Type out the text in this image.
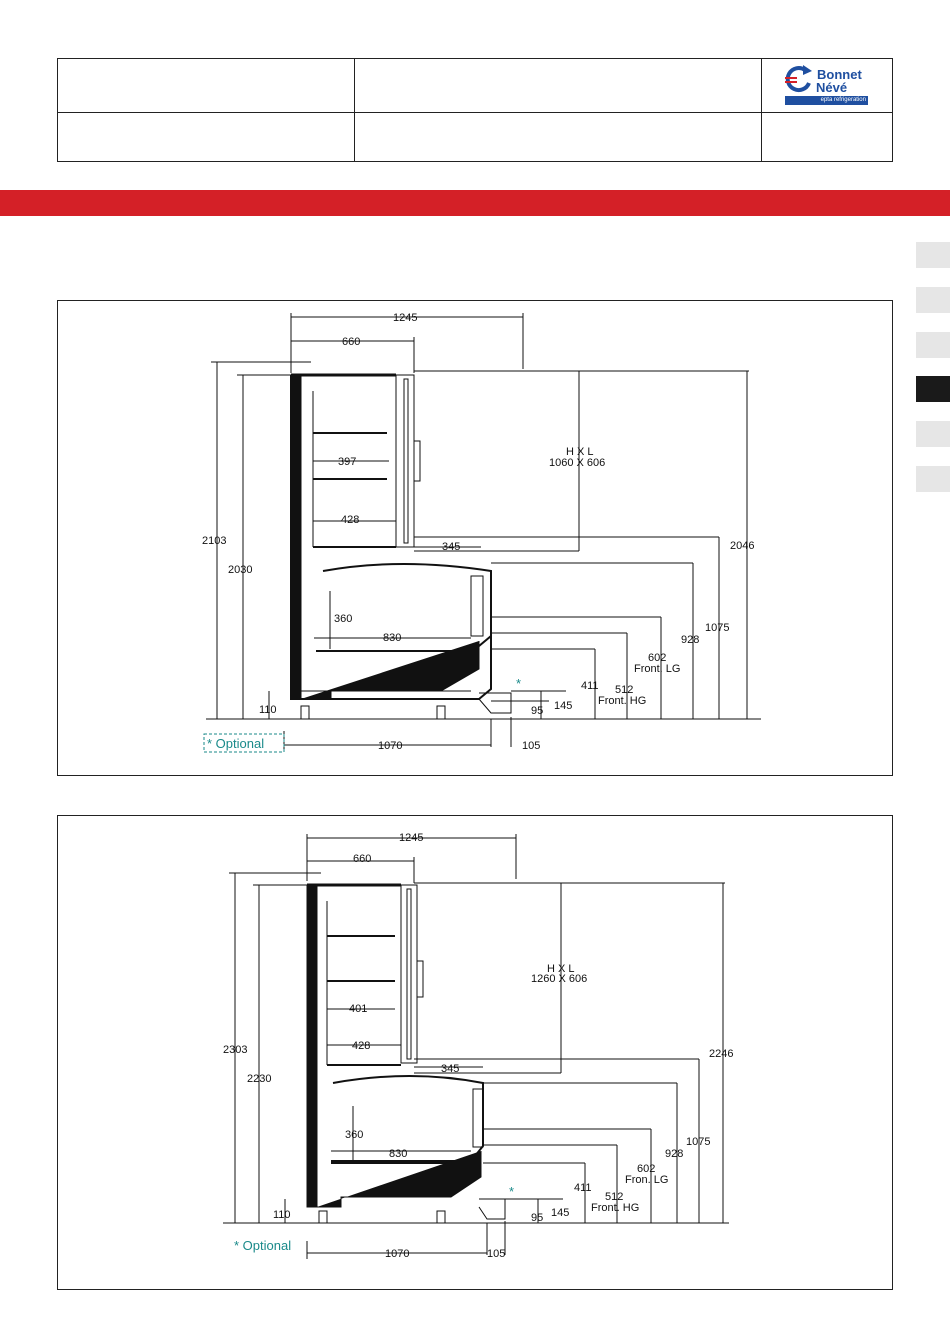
Bonnet
Névé
epta refrigeration
1245
660
2103
2030
H X L
1060 X 606
397
428
345	2046
1075
928
602
Front. LG
512
Front. HG
411
145
95
360
830
110
1070	105
*
* Optional
1245
660
2303
2230
H X L
1260 X 606
401
428
345
2246
1075
928
602
Fron. LG
512
Front. HG
411
145
95
360
830
110
1070	105
*
* Optional
